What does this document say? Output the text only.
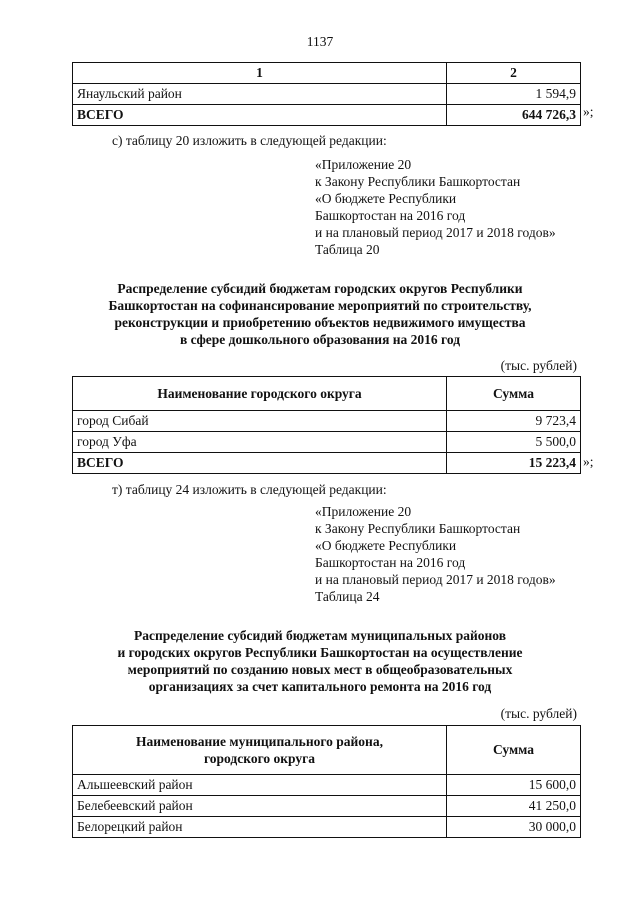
1137
1	2
Янаульский район	1 594,9
ВСЕГО	644 726,3 »;
с) таблицу 20 изложить в следующей редакции:
«Приложение 20
к Закону Республики Башкортостан
«О бюджете Республики
Башкортостан на 2016 год
и на плановый период 2017 и 2018 годов»
Таблица 20
Распределение субсидий бюджетам городских округов Республики
Башкортостан на софинансирование мероприятий по строительству,
реконструкции и приобретению объектов недвижимого имущества
в сфере дошкольного образования на 2016 год
(тыс. рублей)
Наименование городского округа	Сумма
город Сибай	9 723,4
город Уфа	5 500,0
ВСЕГО	15 223,4 »;
т) таблицу 24 изложить в следующей редакции:
«Приложение 20
к Закону Республики Башкортостан
«О бюджете Республики
Башкортостан на 2016 год
и на плановый период 2017 и 2018 годов»
Таблица 24
Распределение субсидий бюджетам муниципальных районов
и городских округов Республики Башкортостан на осуществление
мероприятий по созданию новых мест в общеобразовательных
организациях за счет капитального ремонта на 2016 год
(тыс. рублей)
Наименование муниципального района,
городского округа	Сумма
Альшеевский район	15 600,0
Белебеевский район	41 250,0
Белорецкий район	30 000,0
